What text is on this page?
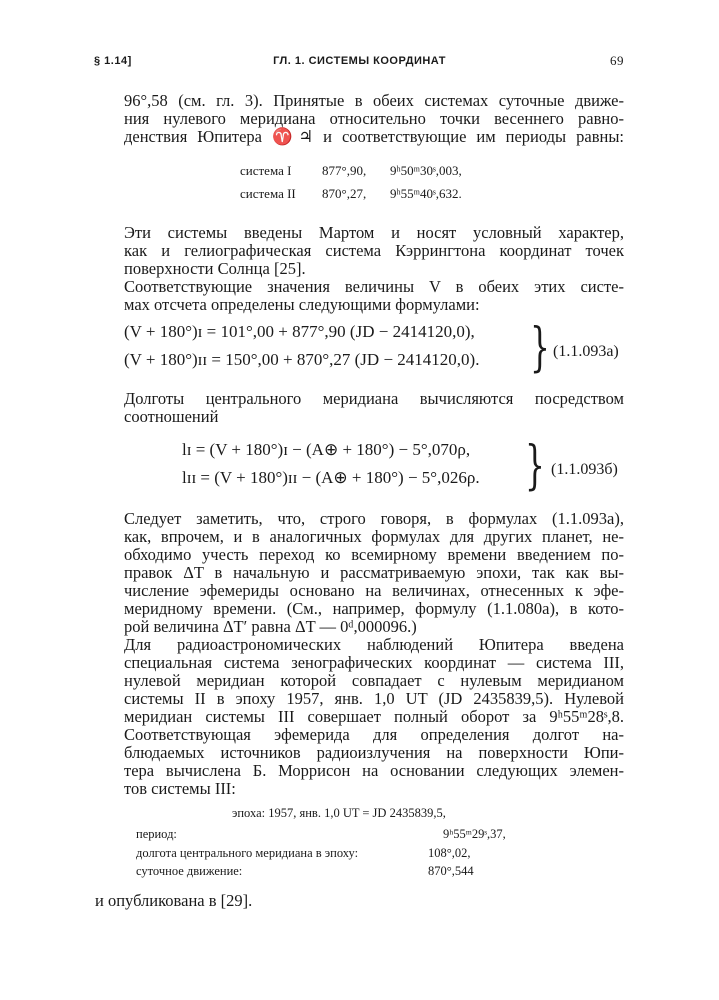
§ 1.14]	ГЛ. 1. СИСТЕМЫ КООРДИНАТ	69
96°,58 (см. гл. 3). Принятые в обеих системах суточные движе-
ния нулевого меридиана относительно точки весеннего равно-
денствия Юпитера ♈♃ и соответствующие им периоды равны:
система I 877°,90, 9ʰ50ᵐ30ˢ,003,
система II 870°,27, 9ʰ55ᵐ40ˢ,632.
Эти системы введены Мартом и носят условный характер,
как и гелиографическая система Кэррингтона координат точек
поверхности Солнца [25].
Соответствующие значения величины V в обеих этих систе-
мах отсчета определены следующими формулами:
(V + 180°)ɪ = 101°,00 + 877°,90 (JD − 2414120,0),
(V + 180°)ɪɪ = 150°,00 + 870°,27 (JD − 2414120,0). } (1.1.093а)
Долготы центрального меридиана вычисляются посредством
соотношений
lɪ = (V + 180°)ɪ − (A⊕ + 180°) − 5°,070ρ,
lɪɪ = (V + 180°)ɪɪ − (A⊕ + 180°) − 5°,026ρ. } (1.1.093б)
Следует заметить, что, строго говоря, в формулах (1.1.093а),
как, впрочем, и в аналогичных формулах для других планет, не-
обходимо учесть переход ко всемирному времени введением по-
правок ΔT в начальную и рассматриваемую эпохи, так как вы-
числение эфемериды основано на величинах, отнесенных к эфе-
меридному времени. (См., например, формулу (1.1.080а), в кото-
рой величина ΔT′ равна ΔT — 0ᵈ,000096.)
Для радиоастрономических наблюдений Юпитера введена
специальная система зенографических координат — система III,
нулевой меридиан которой совпадает с нулевым меридианом
системы II в эпоху 1957, янв. 1,0 UT (JD 2435839,5). Нулевой
меридиан системы III совершает полный оборот за 9ʰ55ᵐ28ˢ,8.
Соответствующая эфемерида для определения долгот на-
блюдаемых источников радиоизлучения на поверхности Юпи-
тера вычислена Б. Моррисон на основании следующих элемен-
тов системы III:
эпоха: 1957, янв. 1,0 UT = JD 2435839,5,
период:	9ʰ55ᵐ29ˢ,37,
долгота центрального меридиана в эпоху:	108°,02,
суточное движение:	870°,544
и опубликована в [29].
